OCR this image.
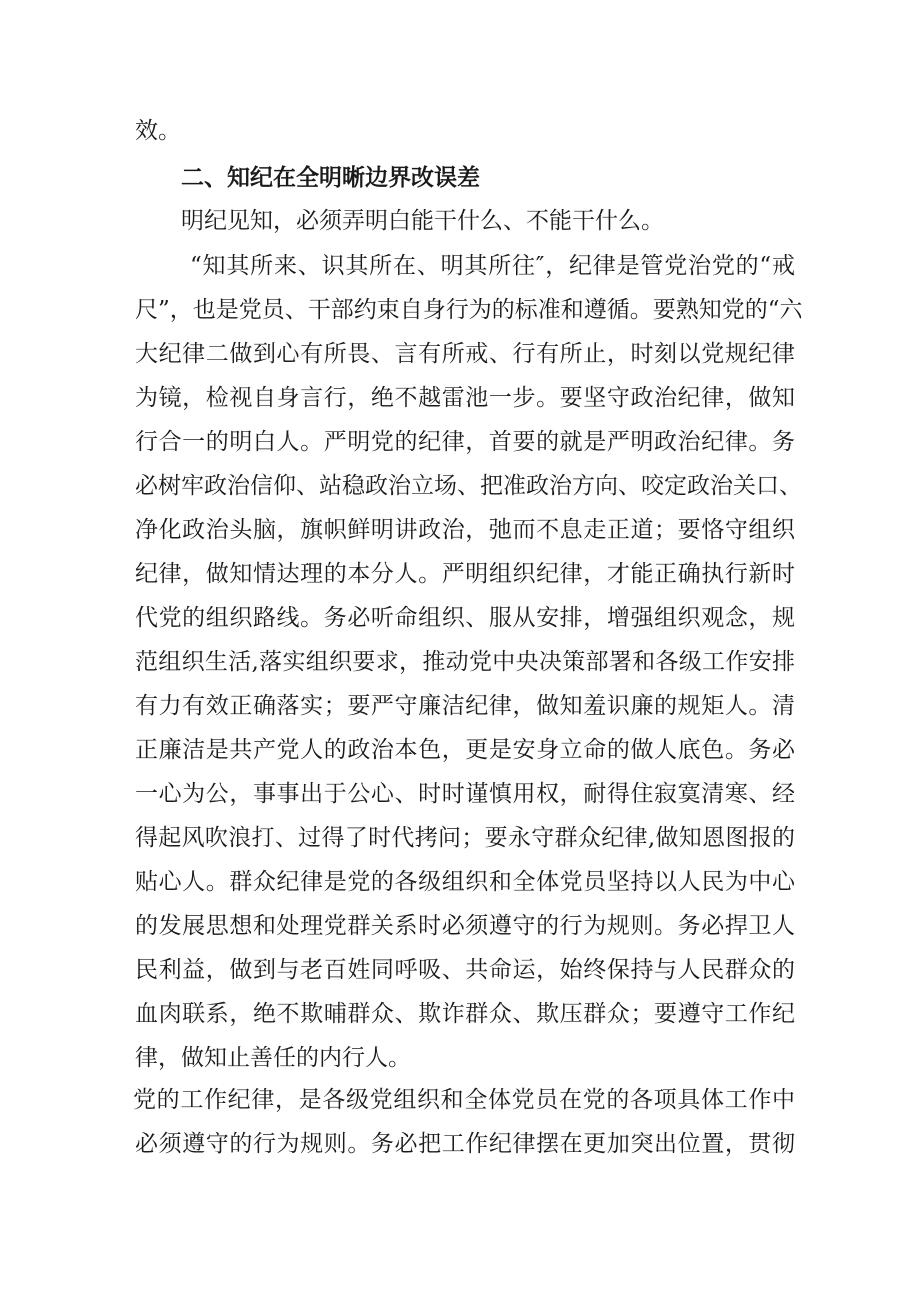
效。
二、知纪在全明晰边界改误差
明纪见知，必须弄明白能干什么、不能干什么。
“知其所来、识其所在、明其所往″，纪律是管党治党的“戒
尺”，也是党员、干部约束自身行为的标准和遵循。要熟知党的“六
大纪律二做到心有所畏、言有所戒、行有所止，时刻以党规纪律
为镜，检视自身言行，绝不越雷池一步。要坚守政治纪律，做知
行合一的明白人。严明党的纪律，首要的就是严明政治纪律。务
必树牢政治信仰、站稳政治立场、把准政治方向、咬定政治关口、
净化政治头脑，旗帜鲜明讲政治，弛而不息走正道；要恪守组织
纪律，做知情达理的本分人。严明组织纪律，才能正确执行新时
代党的组织路线。务必听命组织、服从安排，增强组织观念，规
范组织生活,落实组织要求，推动党中央决策部署和各级工作安排
有力有效正确落实；要严守廉洁纪律，做知羞识廉的规矩人。清
正廉洁是共产党人的政治本色，更是安身立命的做人底色。务必
一心为公，事事出于公心、时时谨慎用权，耐得住寂寞清寒、经
得起风吹浪打、过得了时代拷问；要永守群众纪律,做知恩图报的
贴心人。群众纪律是党的各级组织和全体党员坚持以人民为中心
的发展思想和处理党群关系时必须遵守的行为规则。务必捍卫人
民利益，做到与老百姓同呼吸、共命运，始终保持与人民群众的
血肉联系，绝不欺晡群众、欺诈群众、欺压群众；要遵守工作纪
律，做知止善任的内行人。
党的工作纪律，是各级党组织和全体党员在党的各项具体工作中
必须遵守的行为规则。务必把工作纪律摆在更加突出位置，贯彻
